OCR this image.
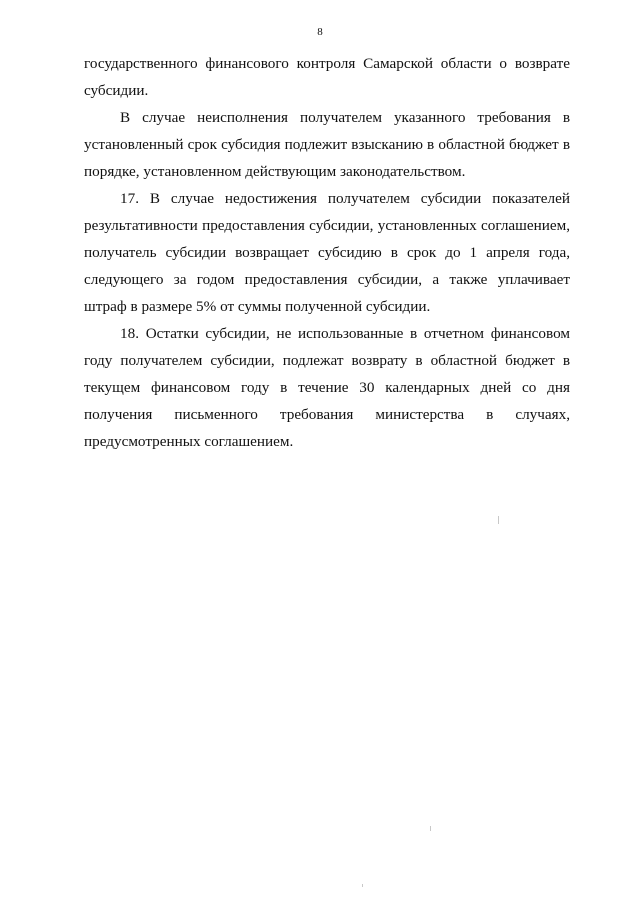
8

государственного финансового контроля Самарской области о возврате субсидии.

В случае неисполнения получателем указанного требования в установленный срок субсидия подлежит взысканию в областной бюджет в порядке, установленном действующим законодательством.

17. В случае недостижения получателем субсидии показателей результативности предоставления субсидии, установленных соглашением, получатель субсидии возвращает субсидию в срок до 1 апреля года, следующего за годом предоставления субсидии, а также уплачивает штраф в размере 5% от суммы полученной субсидии.

18. Остатки субсидии, не использованные в отчетном финансовом году получателем субсидии, подлежат возврату в областной бюджет в текущем финансовом году в течение 30 календарных дней со дня получения письменного требования министерства в случаях, предусмотренных соглашением.
